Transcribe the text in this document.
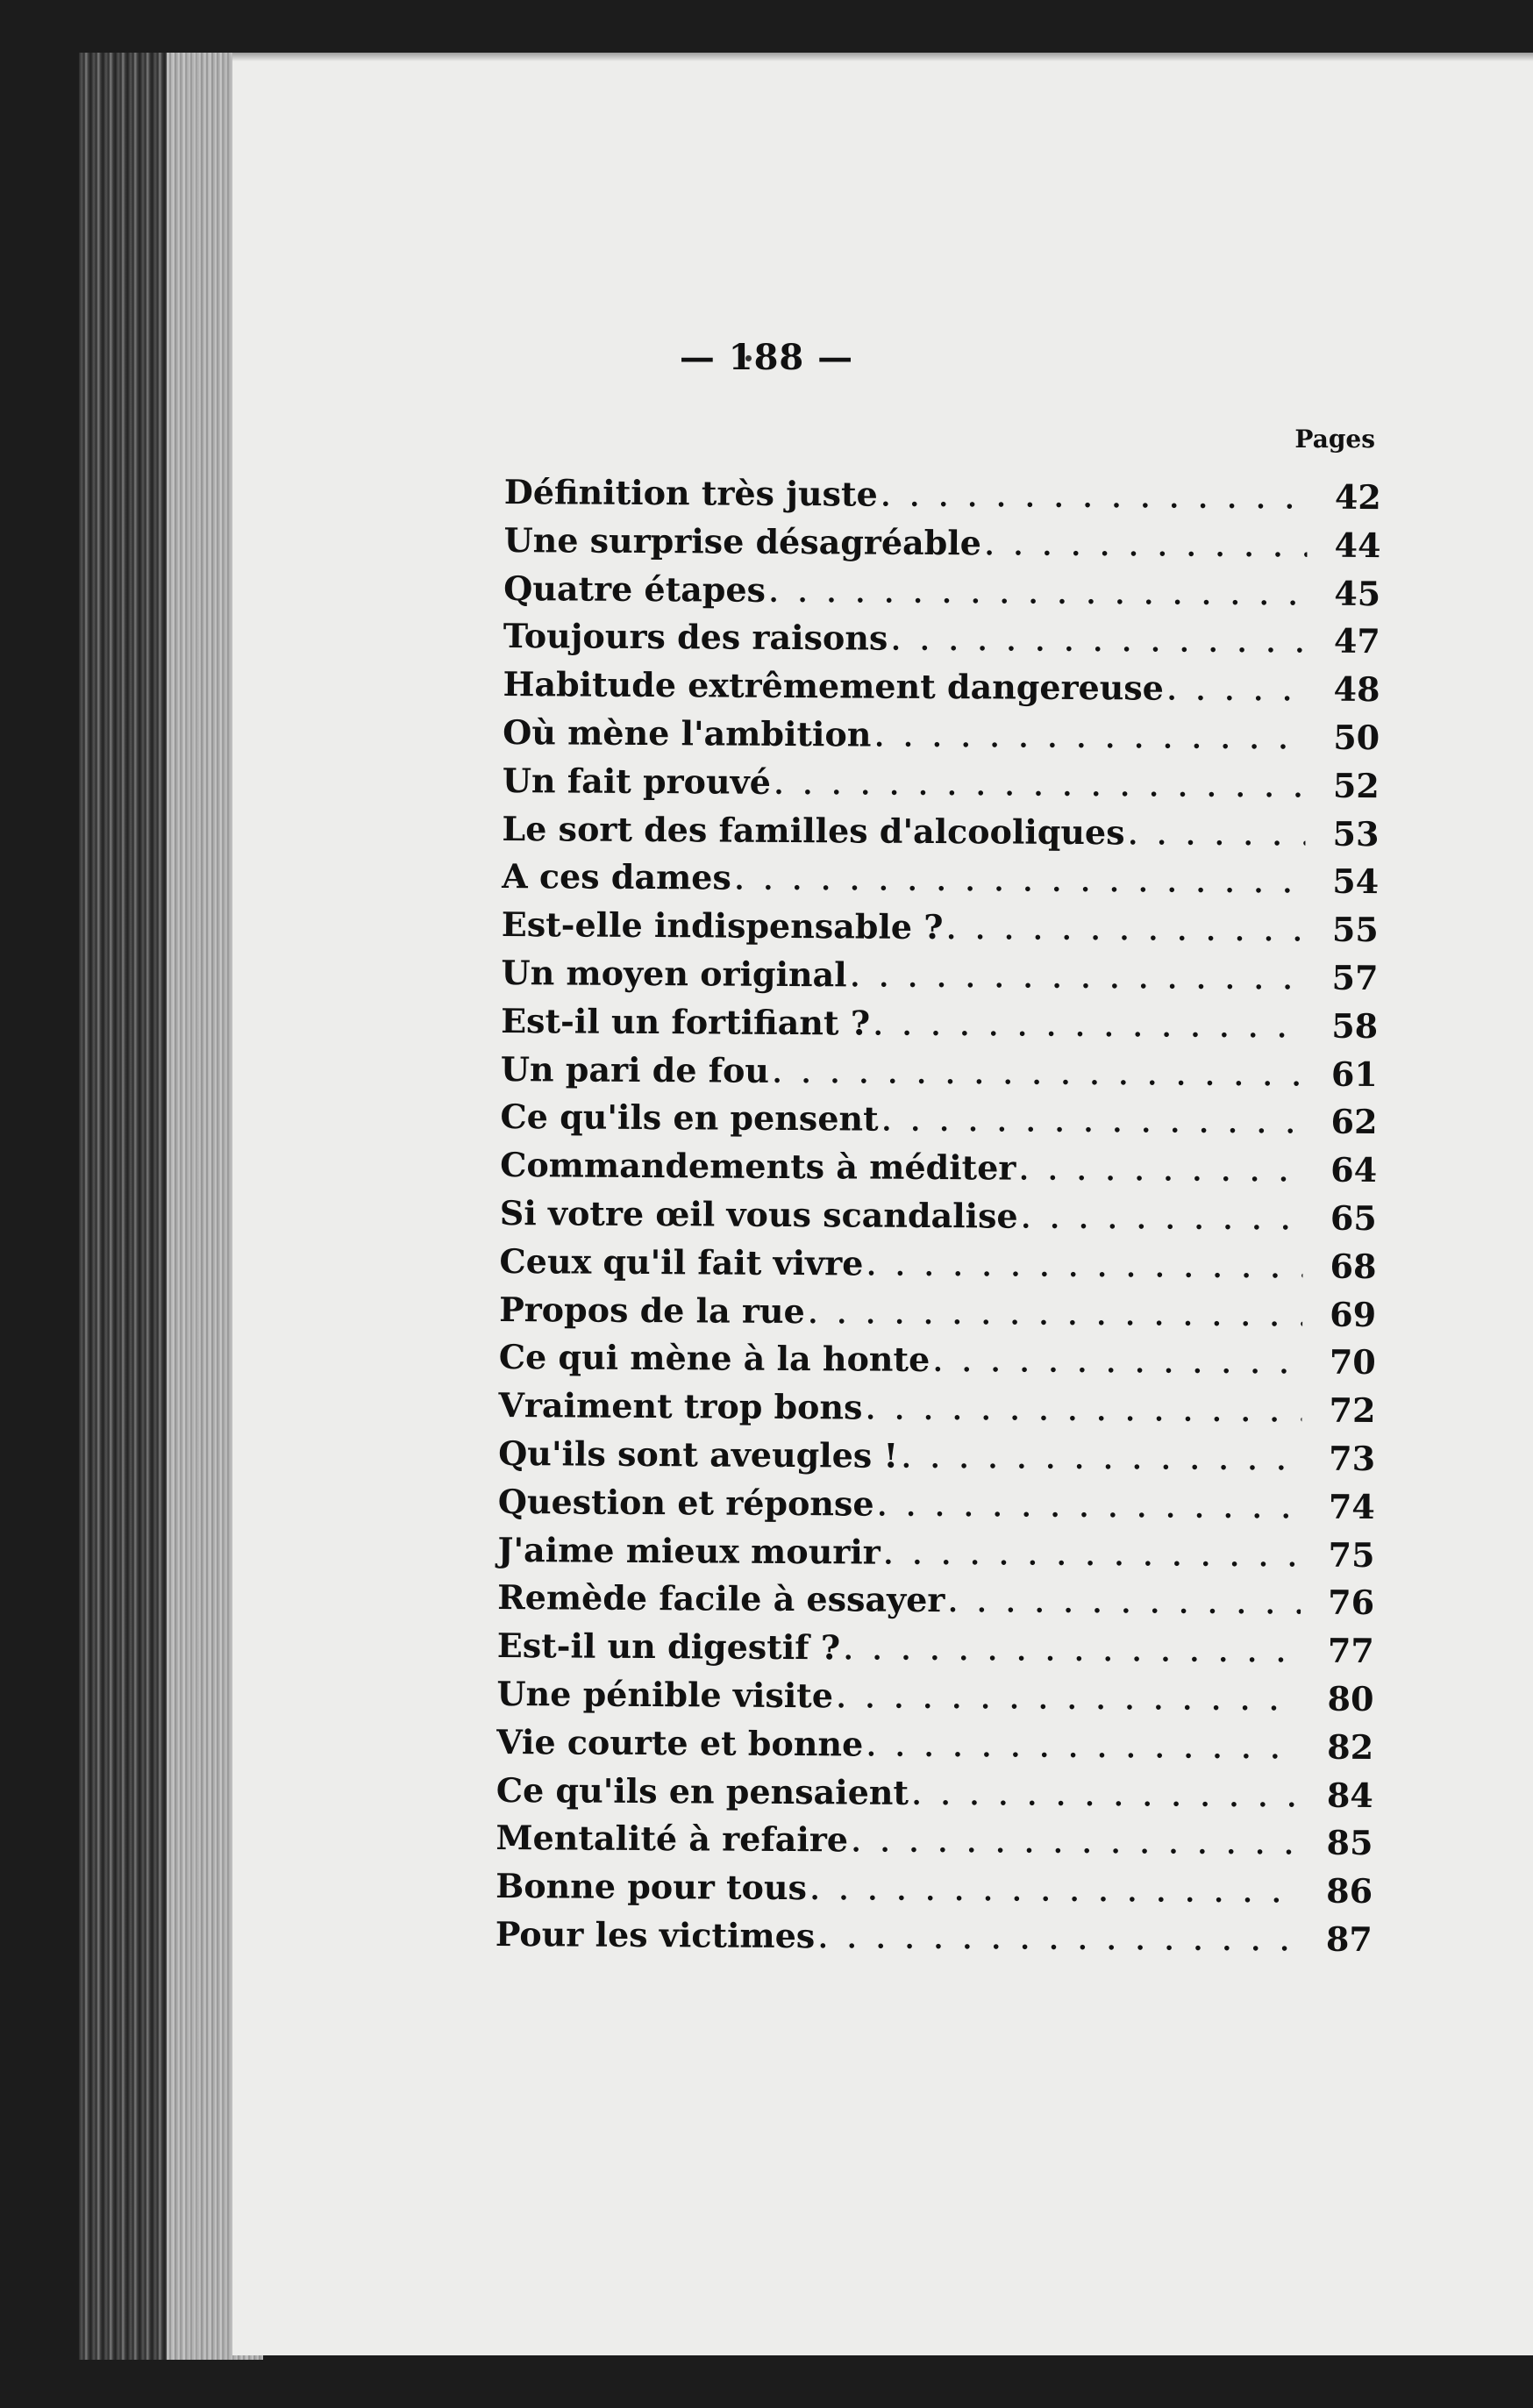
— 188 —
Pages
Définition très juste . . .	42
Une surprise désagréable . . .	44
Quatre étapes . . .	45
Toujours des raisons . . .	47
Habitude extrêmement dangereuse . . .	48
Où mène l'ambition . . .	50
Un fait prouvé . . .	52
Le sort des familles d'alcooliques . . .	53
A ces dames . . .	54
Est-elle indispensable ? . . .	55
Un moyen original . . .	57
Est-il un fortifiant ? . . .	58
Un pari de fou . . .	61
Ce qu'ils en pensent . . .	62
Commandements à méditer . . .	64
Si votre œil vous scandalise . . .	65
Ceux qu'il fait vivre . . .	68
Propos de la rue . . .	69
Ce qui mène à la honte . . .	70
Vraiment trop bons . . .	72
Qu'ils sont aveugles ! . . .	73
Question et réponse . . .	74
J'aime mieux mourir . . .	75
Remède facile à essayer . . .	76
Est-il un digestif ? . . .	77
Une pénible visite . . .	80
Vie courte et bonne . . .	82
Ce qu'ils en pensaient . . .	84
Mentalité à refaire . . .	85
Bonne pour tous . . .	86
Pour les victimes . . .	87
